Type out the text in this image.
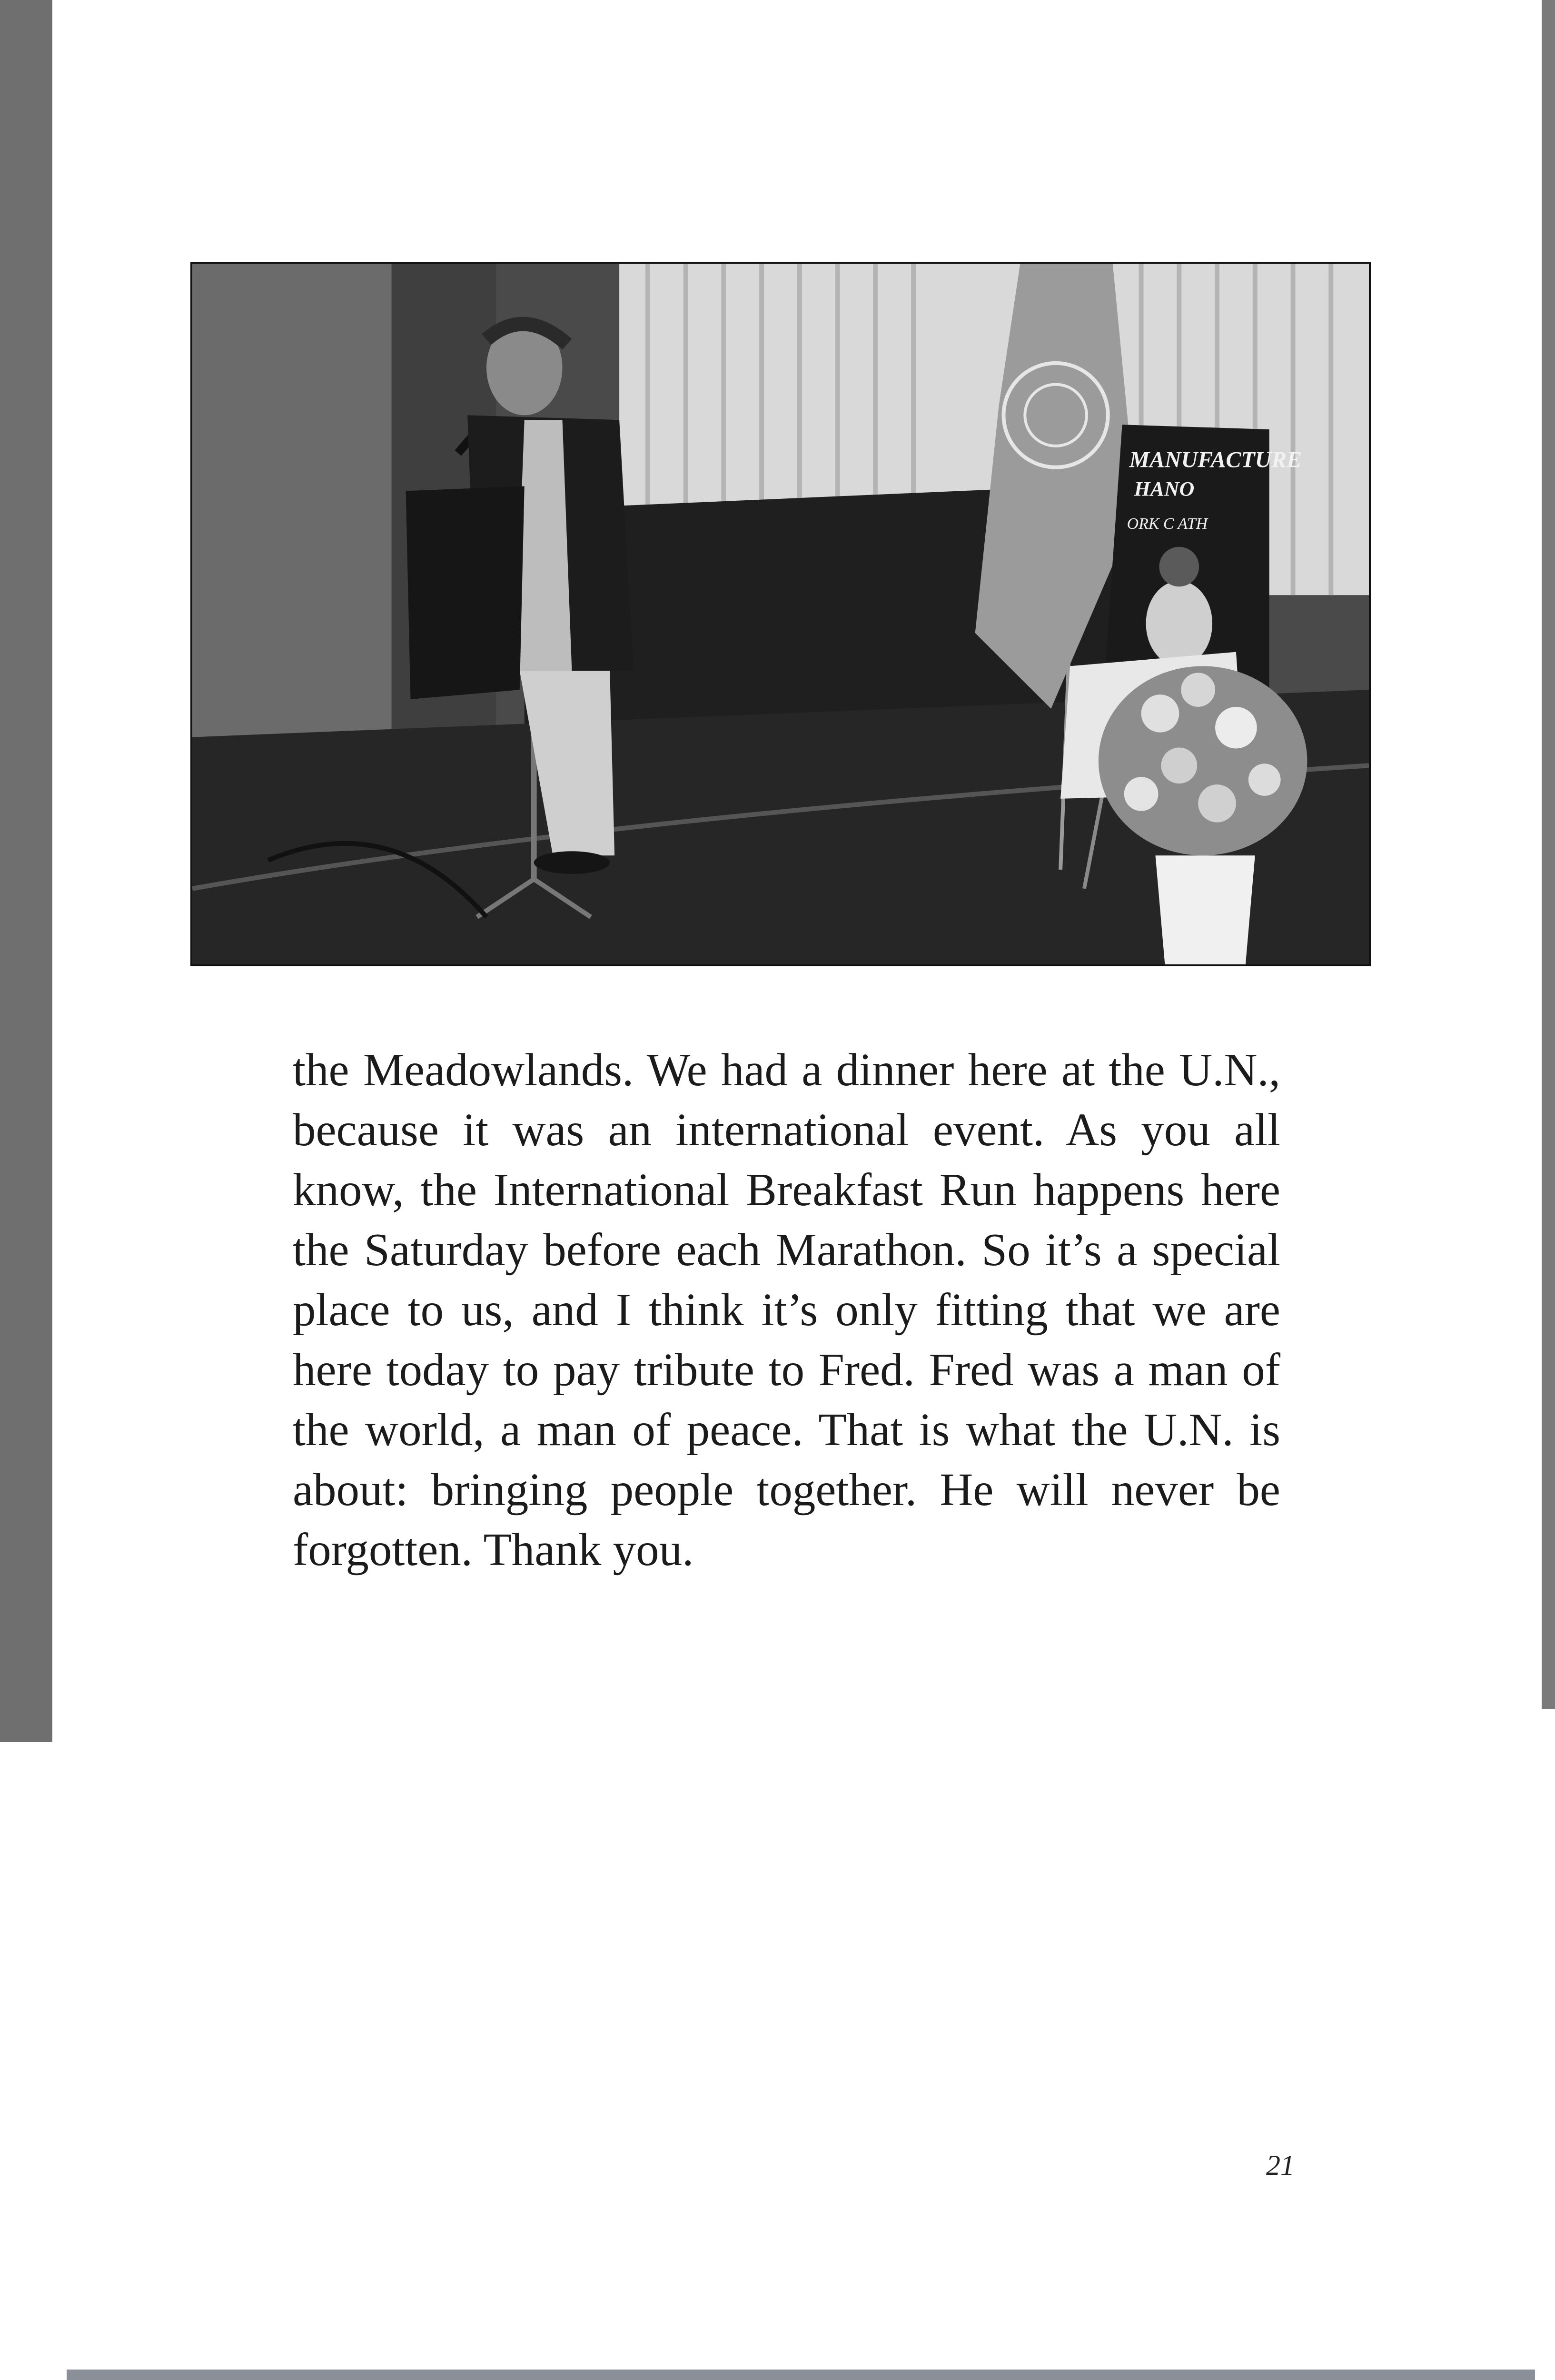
MANUFACTURE
HANO
ORK C ATH

the Meadowlands. We had a dinner here at the U.N., because it was an international event. As you all know, the International Breakfast Run happens here the Saturday before each Marathon. So it’s a special place to us, and I think it’s only fitting that we are here today to pay tribute to Fred. Fred was a man of the world, a man of peace. That is what the U.N. is about: bringing people together. He will never be forgotten. Thank you.

21
